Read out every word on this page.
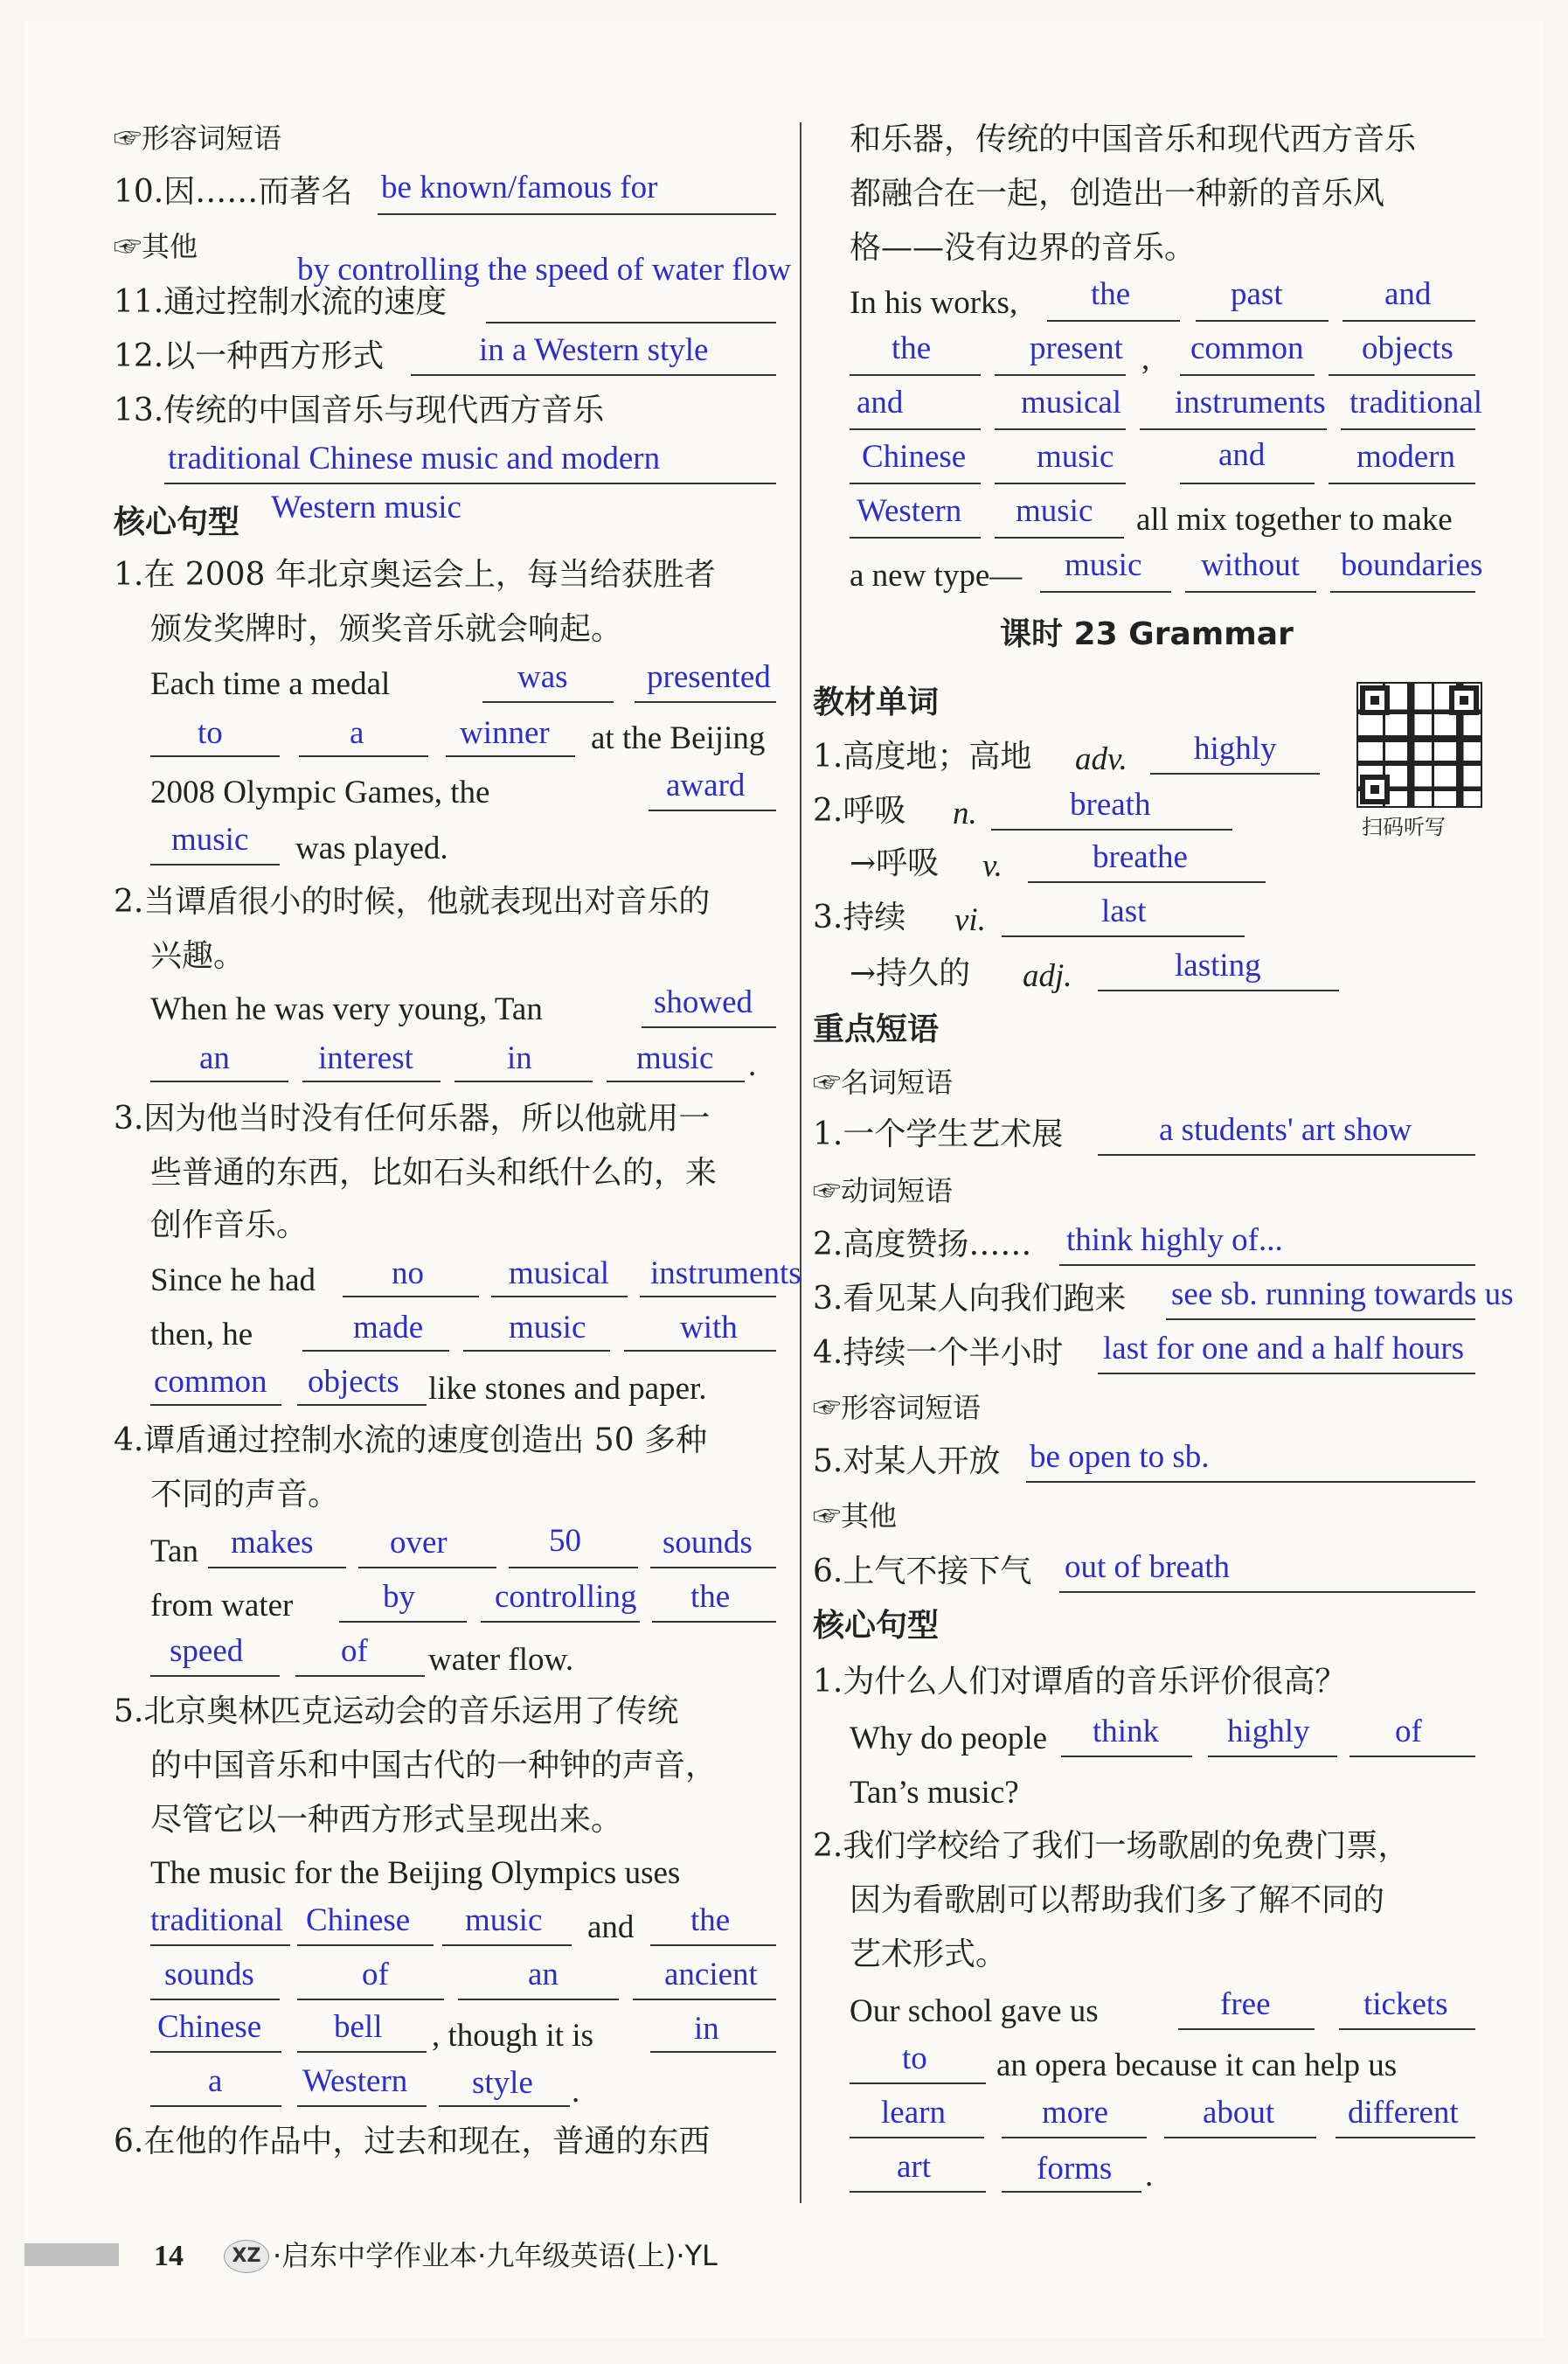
☞形容词短语
10.因……而著名 be known/famous for
☞其他
by controlling the speed of water flow
11.通过控制水流的速度
12.以一种西方形式	in a Western style
13.传统的中国音乐与现代西方音乐
traditional Chinese music and modern
Western music
核心句型
1.在 2008 年北京奥运会上，每当给获胜者
颁发奖牌时，颁奖音乐就会响起。
Each time a medal	was presented
to	a	winner at the Beijing
2008 Olympic Games, the	award
music was played.
2.当谭盾很小的时候，他就表现出对音乐的
兴趣。
When he was very young, Tan	showed
an	interest	in	music .
3.因为他当时没有任何乐器，所以他就用一
些普通的东西，比如石头和纸什么的，来
创作音乐。
Since he had no	musical instruments
then, he	made	music	with
common objects like stones and paper.
4.谭盾通过控制水流的速度创造出 50 多种
不同的声音。
Tan makes over	50	sounds
from water	by controlling the
speed	of water flow.
5.北京奥林匹克运动会的音乐运用了传统
的中国音乐和中国古代的一种钟的声音，
尽管它以一种西方形式呈现出来。
The music for the Beijing Olympics uses
traditional Chinese music and the
sounds	of	an	ancient
Chinese bell , though it is	in
a Western style .
6.在他的作品中，过去和现在，普通的东西
和乐器，传统的中国音乐和现代西方音乐
都融合在一起，创造出一种新的音乐风
格——没有边界的音乐。
In his works, the	past	and
the	present , common objects
and	musical instruments traditional
Chinese music	and	modern
Western music all mix together to make
a new type— music without boundaries
课时 23 Grammar
教材单词
扫码听写
1.高度地；高地 adv. highly
2.呼吸 n.	breath
→呼吸 v.	breathe
3.持续 vi.	last
→持久的 adj.	lasting
重点短语
☞名词短语
1.一个学生艺术展	a students' art show
☞动词短语
2.高度赞扬…… think highly of...
3.看见某人向我们跑来 see sb. running towards us
4.持续一个半小时 last for one and a half hours
☞形容词短语
5.对某人开放 be open to sb.
☞其他
6.上气不接下气 out of breath
核心句型
1.为什么人们对谭盾的音乐评价很高？
Why do people think highly	of
Tan’s music?
2.我们学校给了我们一场歌剧的免费门票，
因为看歌剧可以帮助我们多了解不同的
艺术形式。
Our school gave us	free	tickets
to an opera because it can help us
learn	more	about different
art	forms .
14	XZ ·启东中学作业本·九年级英语(上)·YL
